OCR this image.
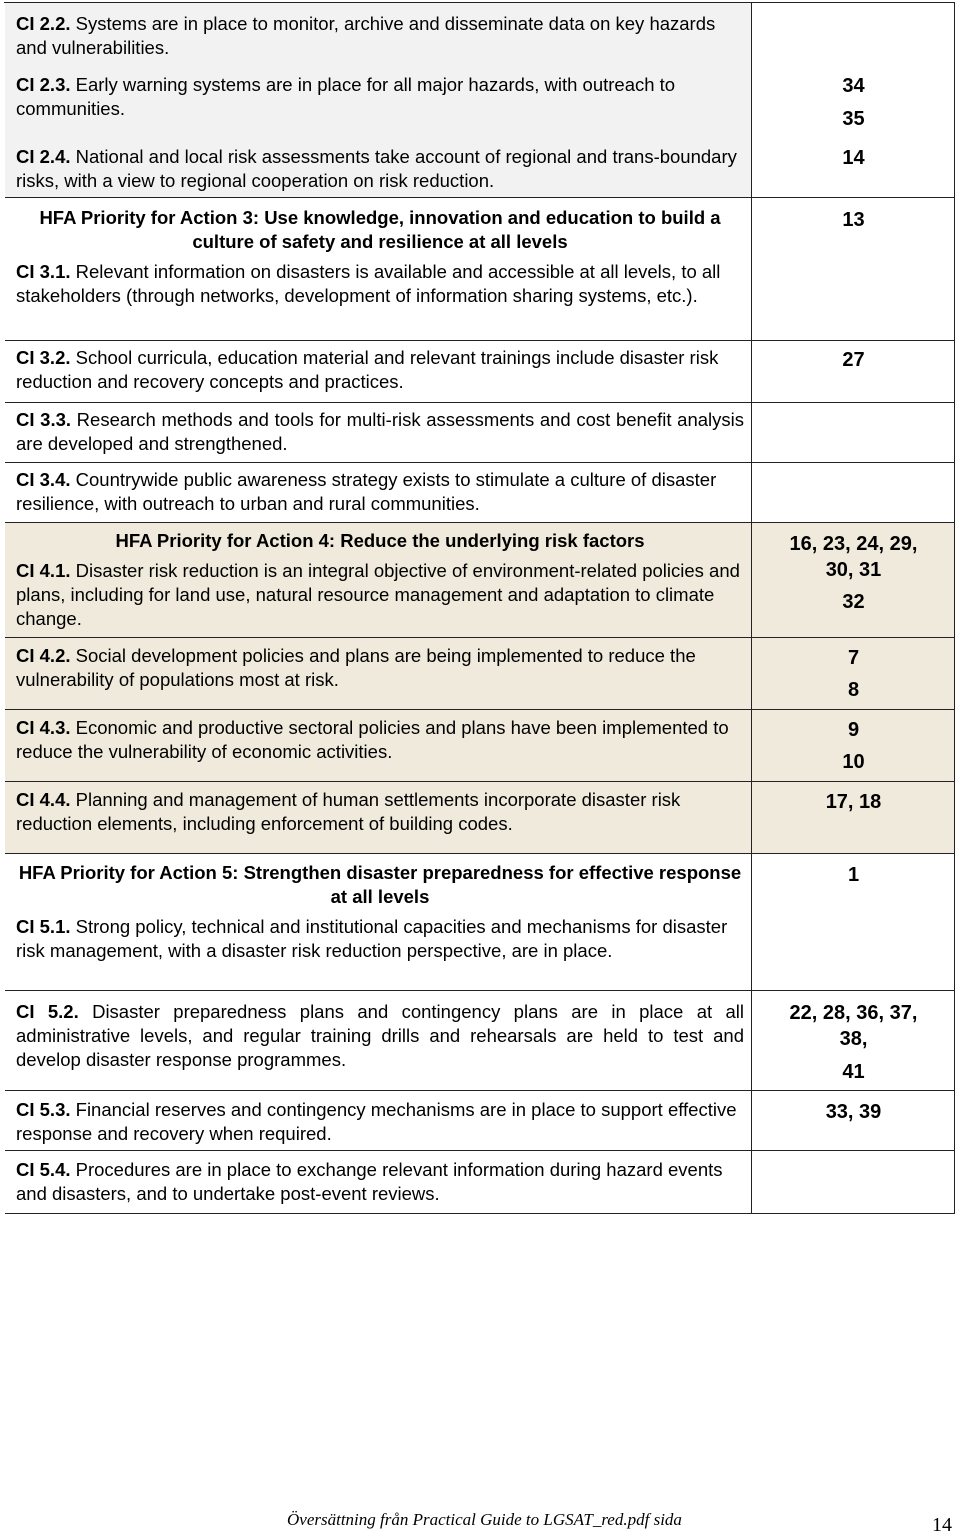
CI 2.2. Systems are in place to monitor, archive and disseminate data on key hazards and vulnerabilities.
CI 2.3. Early warning systems are in place for all major hazards, with outreach to communities.
CI 2.4. National and local risk assessments take account of regional and trans-boundary risks, with a view to regional cooperation on risk reduction.
34
35
14
HFA Priority for Action 3: Use knowledge, innovation and education to build a culture of safety and resilience at all levels
CI 3.1. Relevant information on disasters is available and accessible at all levels, to all stakeholders (through networks, development of information sharing systems, etc.).
13
CI 3.2. School curricula, education material and relevant trainings include disaster risk reduction and recovery concepts and practices.
27
CI 3.3. Research methods and tools for multi-risk assessments and cost benefit analysis are developed and strengthened.
CI 3.4. Countrywide public awareness strategy exists to stimulate a culture of disaster resilience, with outreach to urban and rural communities.
HFA Priority for Action 4: Reduce the underlying risk factors
CI 4.1. Disaster risk reduction is an integral objective of environment-related policies and plans, including for land use, natural resource management and adaptation to climate change.
16, 23, 24, 29,
30, 31
32
CI 4.2. Social development policies and plans are being implemented to reduce the vulnerability of populations most at risk.
7
8
CI 4.3. Economic and productive sectoral policies and plans have been implemented to reduce the vulnerability of economic activities.
9
10
CI 4.4. Planning and management of human settlements incorporate disaster risk reduction elements, including enforcement of building codes.
17, 18
HFA Priority for Action 5: Strengthen disaster preparedness for effective response at all levels
CI 5.1. Strong policy, technical and institutional capacities and mechanisms for disaster risk management, with a disaster risk reduction perspective, are in place.
1
CI 5.2. Disaster preparedness plans and contingency plans are in place at all administrative levels, and regular training drills and rehearsals are held to test and develop disaster response programmes.
22, 28, 36, 37,
38,
41
CI 5.3. Financial reserves and contingency mechanisms are in place to support effective response and recovery when required.
33, 39
CI 5.4. Procedures are in place to exchange relevant information during hazard events and disasters, and to undertake post-event reviews.
Översättning från Practical Guide to LGSAT_red.pdf sida	14
